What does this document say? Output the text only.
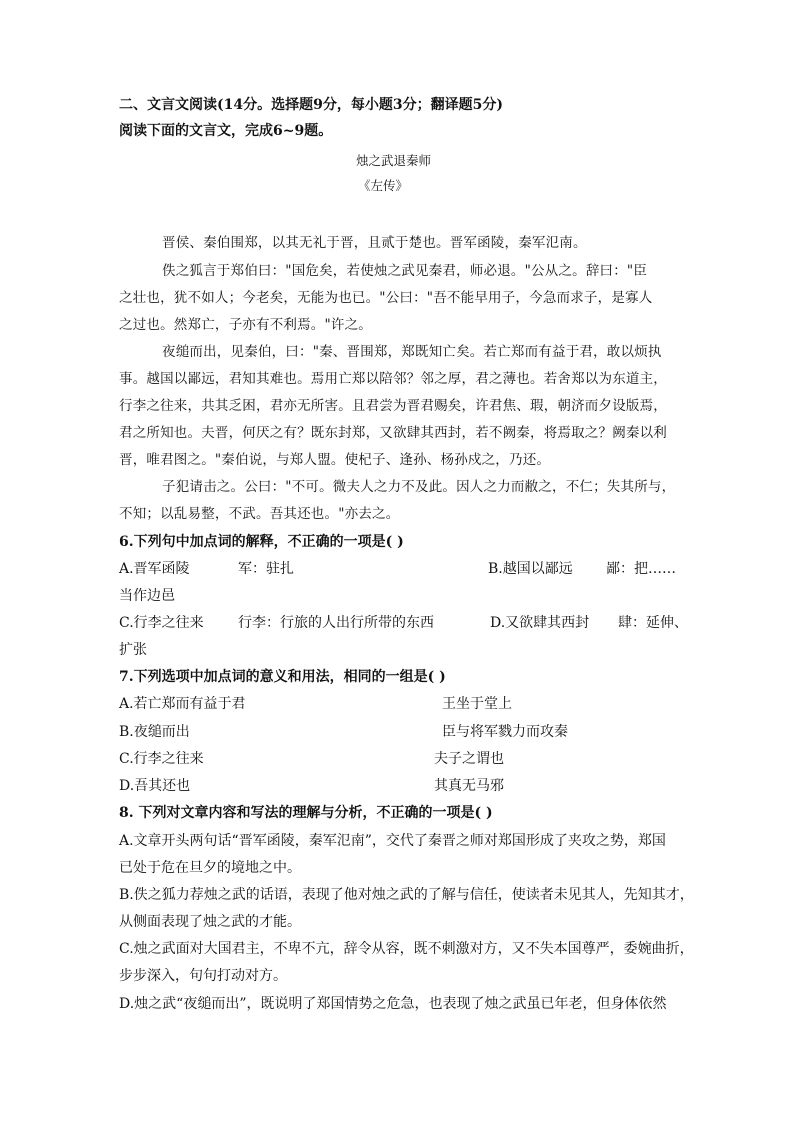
二、文言文阅读(14分。选择题9分，每小题3分；翻译题5分)
阅读下面的文言文，完成6~9题。
烛之武退秦师
《左传》
晋侯、秦伯围郑，以其无礼于晋，且贰于楚也。晋军函陵，秦军氾南。
佚之狐言于郑伯曰："国危矣，若使烛之武见秦君，师必退。"公从之。辞曰："臣
之壮也，犹不如人；今老矣，无能为也已。"公曰："吾不能早用子，今急而求子，是寡人
之过也。然郑亡，子亦有不利焉。"许之。
夜缒而出，见秦伯，曰："秦、晋围郑，郑既知亡矣。若亡郑而有益于君，敢以烦执
事。越国以鄙远，君知其难也。焉用亡郑以陪邻？邻之厚，君之薄也。若舍郑以为东道主，
行李之往来，共其乏困，君亦无所害。且君尝为晋君赐矣，许君焦、瑕，朝济而夕设版焉，
君之所知也。夫晋，何厌之有？既东封郑，又欲肆其西封，若不阙秦，将焉取之？阙秦以利
晋，唯君图之。"秦伯说，与郑人盟。使杞子、逢孙、杨孙戍之，乃还。
子犯请击之。公曰："不可。微夫人之力不及此。因人之力而敝之，不仁；失其所与，
不知；以乱易整，不武。吾其还也。"亦去之。
6.下列句中加点词的解释，不正确的一项是( )
A.晋军函陵	军：驻扎	B.越国以鄙远 鄙：把……
当作边邑
C.行李之往来 行李：行旅的人出行所带的东西	D.又欲肆其西封 肆：延伸、
扩张
7.下列选项中加点词的意义和用法，相同的一组是( )
A.若亡郑而有益于君	王坐于堂上
B.夜缒而出	臣与将军戮力而攻秦
C.行李之往来	夫子之谓也
D.吾其还也	其真无马邪
8. 下列对文章内容和写法的理解与分析，不正确的一项是( )
A.文章开头两句话“晋军函陵，秦军氾南”，交代了秦晋之师对郑国形成了夹攻之势，郑国
已处于危在旦夕的境地之中。
B.佚之狐力荐烛之武的话语，表现了他对烛之武的了解与信任，使读者未见其人，先知其才，
从侧面表现了烛之武的才能。
C.烛之武面对大国君主，不卑不亢，辞令从容，既不刺激对方，又不失本国尊严，委婉曲折，
步步深入，句句打动对方。
D.烛之武“夜缒而出”，既说明了郑国情势之危急，也表现了烛之武虽已年老，但身体依然
